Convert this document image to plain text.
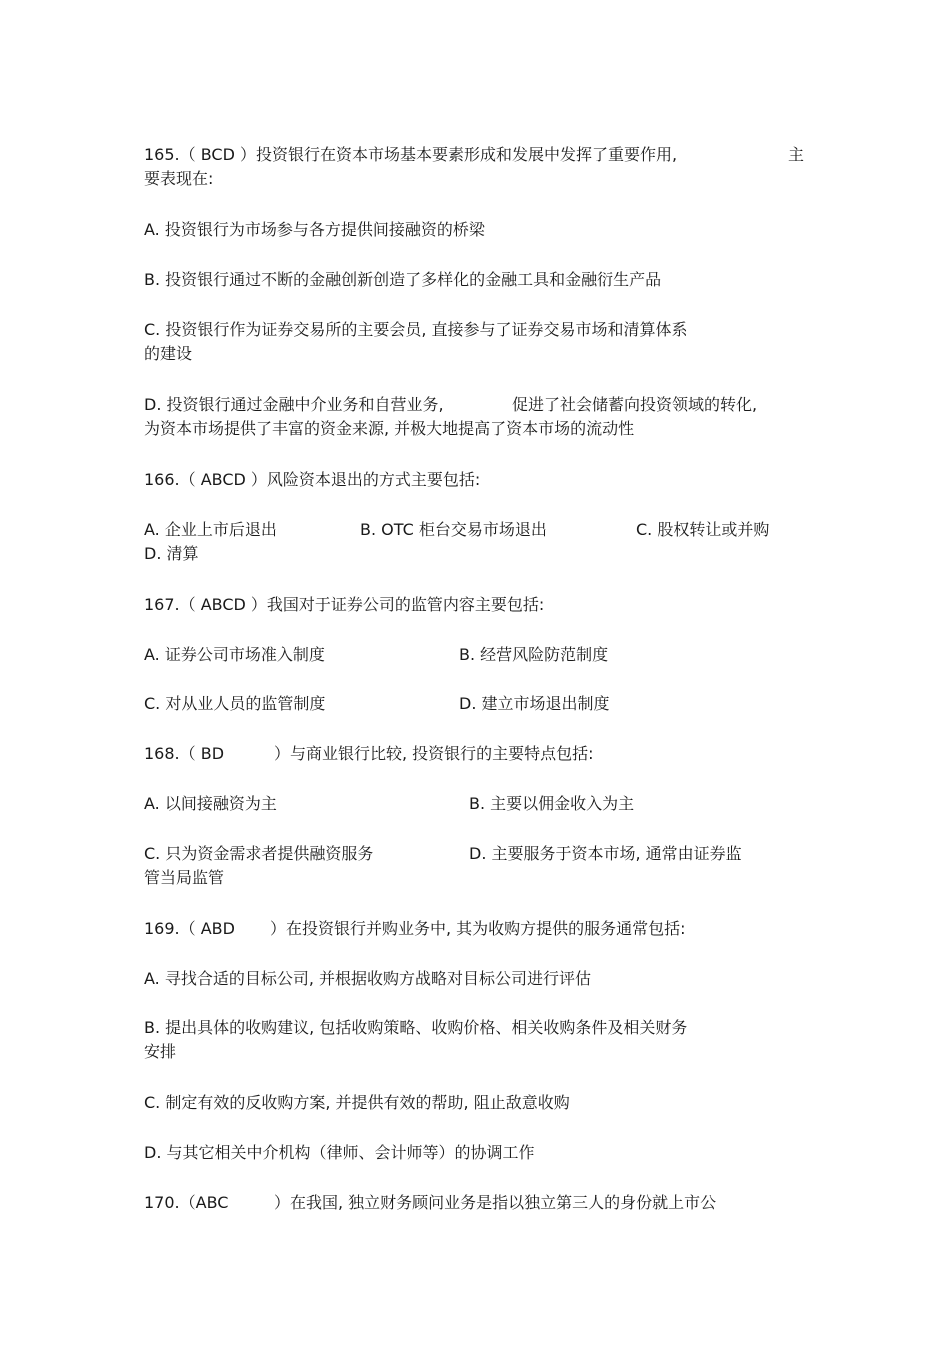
165.（ BCD ）投资银行在资本市场基本要素形成和发展中发挥了重要作用,	主
要表现在:
A. 投资银行为市场参与各方提供间接融资的桥梁
B. 投资银行通过不断的金融创新创造了多样化的金融工具和金融衍生产品
C. 投资银行作为证券交易所的主要会员, 直接参与了证券交易市场和清算体系
的建设
D. 投资银行通过金融中介业务和自营业务,	促进了社会储蓄向投资领域的转化,
为资本市场提供了丰富的资金来源, 并极大地提高了资本市场的流动性
166.（ ABCD ）风险资本退出的方式主要包括:
A. 企业上市后退出	B. OTC 柜台交易市场退出	C. 股权转让或并购
D. 清算
167.（ ABCD ）我国对于证券公司的监管内容主要包括:
A. 证券公司市场准入制度	B. 经营风险防范制度
C. 对从业人员的监管制度	D. 建立市场退出制度
168.（ BD	）与商业银行比较, 投资银行的主要特点包括:
A. 以间接融资为主	B. 主要以佣金收入为主
C. 只为资金需求者提供融资服务	D. 主要服务于资本市场, 通常由证券监
管当局监管
169.（ ABD ）在投资银行并购业务中, 其为收购方提供的服务通常包括:
A. 寻找合适的目标公司, 并根据收购方战略对目标公司进行评估
B. 提出具体的收购建议, 包括收购策略、收购价格、相关收购条件及相关财务
安排
C. 制定有效的反收购方案, 并提供有效的帮助, 阻止敌意收购
D. 与其它相关中介机构（律师、会计师等）的协调工作
170.（ABC	）在我国, 独立财务顾问业务是指以独立第三人的身份就上市公
